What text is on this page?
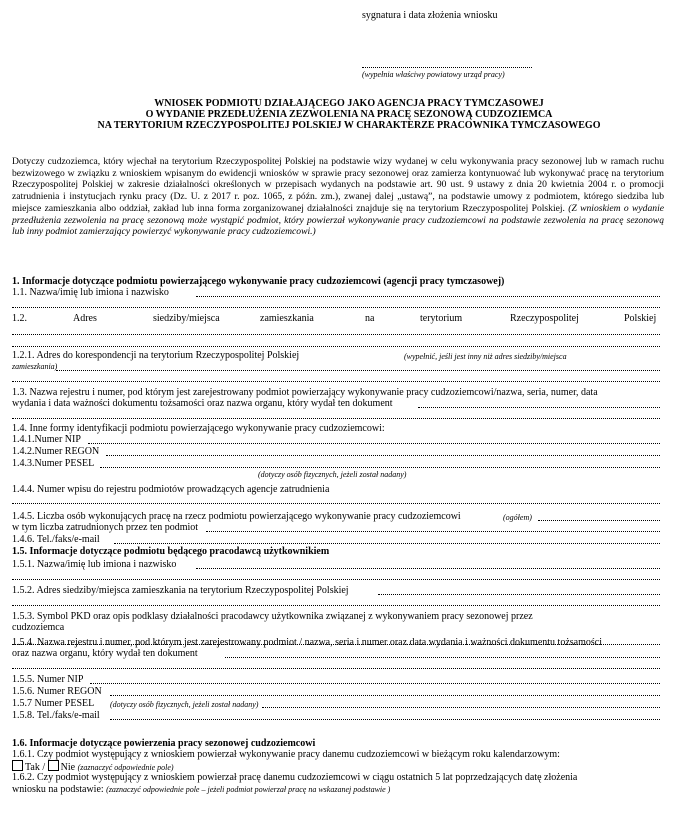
sygnatura i data złożenia wniosku
(wypełnia właściwy powiatowy urząd pracy)
WNIOSEK PODMIOTU DZIAŁAJĄCEGO JAKO AGENCJA PRACY TYMCZASOWEJ
O WYDANIE PRZEDŁUŻENIA ZEZWOLENIA NA PRACĘ SEZONOWĄ CUDZOZIEMCA
NA TERYTORIUM RZECZYPOSPOLITEJ POLSKIEJ W CHARAKTERZE PRACOWNIKA TYMCZASOWEGO
Dotyczy cudzoziemca, który wjechał na terytorium Rzeczypospolitej Polskiej na podstawie wizy wydanej w celu wykonywania pracy sezonowej lub w ramach ruchu bezwizowego w związku z wnioskiem wpisanym do ewidencji wniosków w sprawie pracy sezonowej oraz zamierza kontynuować lub wykonywać pracę na terytorium Rzeczypospolitej Polskiej w zakresie działalności określonych w przepisach wydanych na podstawie art. 90 ust. 9 ustawy z dnia 20 kwietnia 2004 r. o promocji zatrudnienia i instytucjach rynku pracy (Dz. U. z 2017 r. poz. 1065, z późn. zm.), zwanej dalej „ustawą”, na podstawie umowy z podmiotem, którego siedziba lub miejsce zamieszkania albo oddział, zakład lub inna forma zorganizowanej działalności znajduje się na terytorium Rzeczypospolitej Polskiej. (Z wnioskiem o wydanie przedłużenia zezwolenia na pracę sezonową może wystąpić podmiot, który powierzał wykonywanie pracy cudzoziemcowi na podstawie zezwolenia na pracę sezonową lub inny podmiot zamierzający powierzyć wykonywanie pracy cudzoziemcowi.)
1. Informacje dotyczące podmiotu powierzającego wykonywanie pracy cudzoziemcowi (agencji pracy tymczasowej)
1.1. Nazwa/imię lub imiona i nazwisko
1.2.	Adres	siedziby/miejsca	zamieszkania	na	terytorium	Rzeczypospolitej	Polskiej
1.2.1. Adres do korespondencji na terytorium Rzeczypospolitej Polskiej	(wypełnić, jeśli jest inny niż adres siedziby/miejsca
zamieszkania)
1.3. Nazwa rejestru i numer, pod którym jest zarejestrowany podmiot powierzający wykonywanie pracy cudzoziemcowi/nazwa, seria, numer, data
wydania i data ważności dokumentu tożsamości oraz nazwa organu, który wydał ten dokument
1.4. Inne formy identyfikacji podmiotu powierzającego wykonywanie pracy cudzoziemcowi:
1.4.1.Numer NIP
1.4.2.Numer REGON
1.4.3.Numer PESEL
(dotyczy osób fizycznych, jeżeli został nadany)
1.4.4. Numer wpisu do rejestru podmiotów prowadzących agencje zatrudnienia
1.4.5. Liczba osób wykonujących pracę na rzecz podmiotu powierzającego wykonywanie pracy cudzoziemcowi	(ogółem)
w tym liczba zatrudnionych przez ten podmiot
1.4.6. Tel./faks/e-mail
1.5. Informacje dotyczące podmiotu będącego pracodawcą użytkownikiem
1.5.1. Nazwa/imię lub imiona i nazwisko
1.5.2. Adres siedziby/miejsca zamieszkania na terytorium Rzeczypospolitej Polskiej
1.5.3. Symbol PKD oraz opis podklasy działalności pracodawcy użytkownika związanej z wykonywaniem pracy sezonowej przez
cudzoziemca
1.5.4. Nazwa rejestru i numer, pod którym jest zarejestrowany podmiot / nazwa, seria i numer oraz data wydania i ważności dokumentu tożsamości
oraz nazwa organu, który wydał ten dokument
1.5.5. Numer NIP
1.5.6. Numer REGON
1.5.7 Numer PESEL (dotyczy osób fizycznych, jeżeli został nadany)
1.5.8. Tel./faks/e-mail
1.6. Informacje dotyczące powierzenia pracy sezonowej cudzoziemcowi
1.6.1. Czy podmiot występujący z wnioskiem powierzał wykonywanie pracy danemu cudzoziemcowi w bieżącym roku kalendarzowym:
Tak / Nie (zaznaczyć odpowiednie pole)
1.6.2. Czy podmiot występujący z wnioskiem powierzał pracę danemu cudzoziemcowi w ciągu ostatnich 5 lat poprzedzających datę złożenia
wniosku na podstawie: (zaznaczyć odpowiednie pole – jeżeli podmiot powierzał pracę na wskazanej podstawie )
